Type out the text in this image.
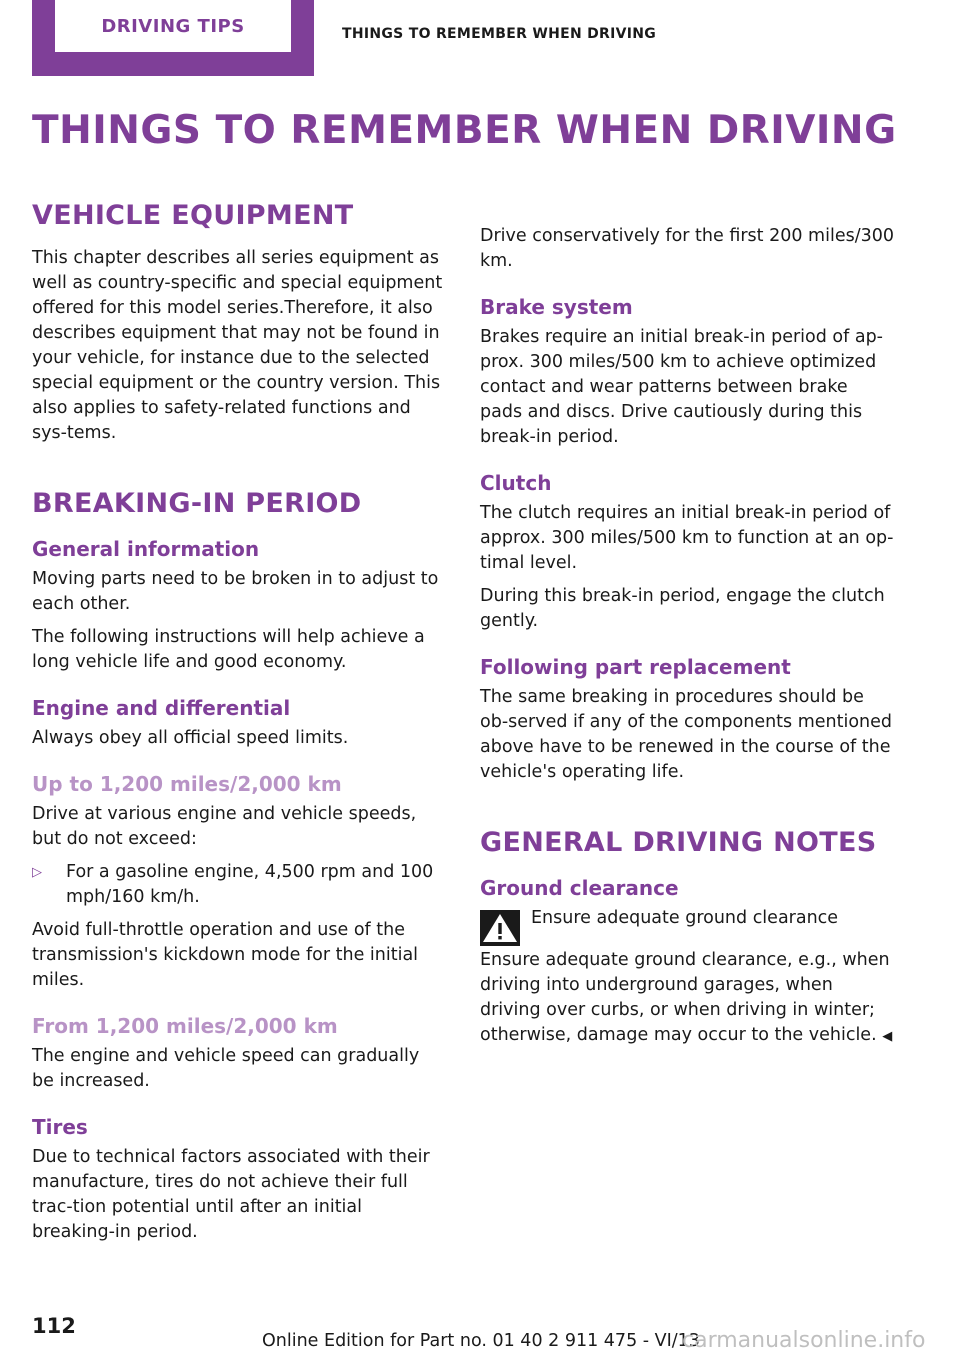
DRIVING TIPS	THINGS TO REMEMBER WHEN DRIVING
THINGS TO REMEMBER WHEN DRIVING
VEHICLE EQUIPMENT

This chapter describes all series equipment as well as country-specific and special equipment offered for this model series.Therefore, it also describes equipment that may not be found in your vehicle, for instance due to the selected special equipment or the country version. This also applies to safety-related functions and sys‐tems.

BREAKING-IN PERIOD
General information

Moving parts need to be broken in to adjust to each other.

The following instructions will help achieve a long vehicle life and good economy.

Engine and differential

Always obey all official speed limits.

Up to 1,200 miles/2,000 km

Drive at various engine and vehicle speeds, but do not exceed:

▷	For a gasoline engine, 4,500 rpm and 100 mph/160 km/h.

Avoid full-throttle operation and use of the transmission's kickdown mode for the initial miles.

From 1,200 miles/2,000 km

The engine and vehicle speed can gradually be increased.

Tires

Due to technical factors associated with their manufacture, tires do not achieve their full trac‐tion potential until after an initial breaking-in period.

Drive conservatively for the first 200 miles/300 km.

Brake system

Brakes require an initial break-in period of ap‐prox. 300 miles/500 km to achieve optimized contact and wear patterns between brake pads and discs. Drive cautiously during this break-in period.

Clutch

The clutch requires an initial break-in period of approx. 300 miles/500 km to function at an op‐timal level.

During this break-in period, engage the clutch gently.

Following part replacement

The same breaking in procedures should be ob‐served if any of the components mentioned above have to be renewed in the course of the vehicle's operating life.

GENERAL DRIVING NOTES
Ground clearance
Ensure adequate ground clearance

Ensure adequate ground clearance, e.g., when driving into underground garages, when driving over curbs, or when driving in winter; otherwise, damage may occur to the vehicle. ◀

112
Online Edition for Part no. 01 40 2 911 475 - VI/13
carmanualsonline.info
